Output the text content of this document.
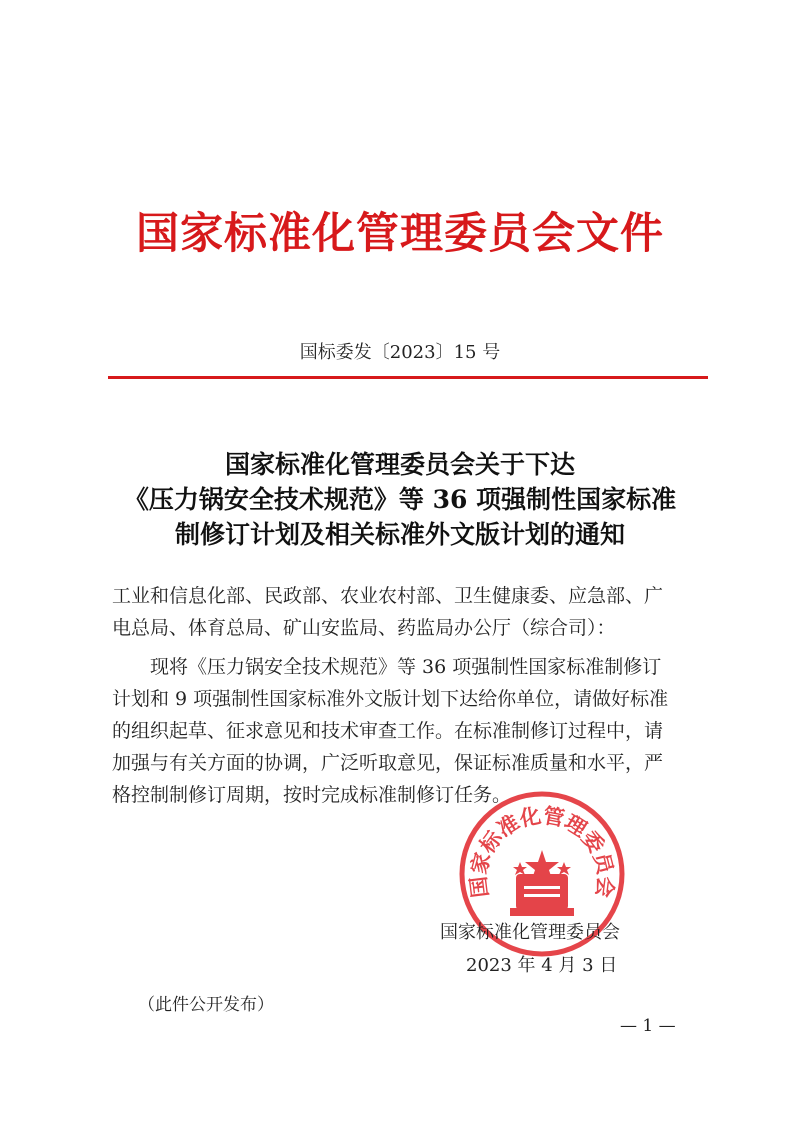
国家标准化管理委员会文件
国标委发〔2023〕15 号
国家标准化管理委员会关于下达
《压力锅安全技术规范》等 36 项强制性国家标准
制修订计划及相关标准外文版计划的通知
工业和信息化部、民政部、农业农村部、卫生健康委、应急部、广
电总局、体育总局、矿山安监局、药监局办公厅（综合司）：
　　现将《压力锅安全技术规范》等 36 项强制性国家标准制修订
计划和 9 项强制性国家标准外文版计划下达给你单位，请做好标准
的组织起草、征求意见和技术审查工作。在标准制修订过程中，请
加强与有关方面的协调，广泛听取意见，保证标准质量和水平，严
格控制制修订周期，按时完成标准制修订任务。
国家标准化管理委员会
国家标准化管理委员会
2023 年 4 月 3 日
（此件公开发布）
— 1 —
